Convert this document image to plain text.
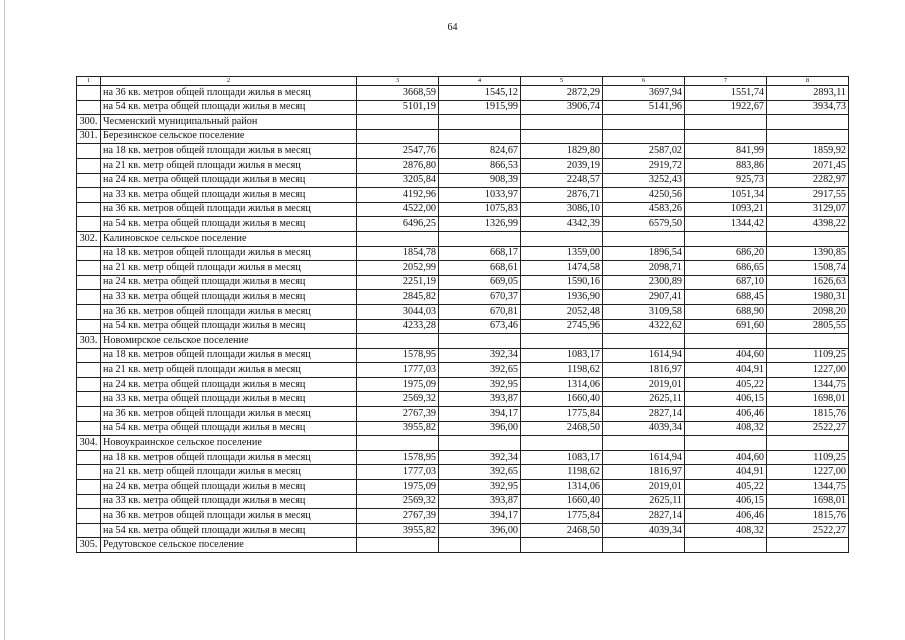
64
1	2	3	4	5	6	7	8
	на 36 кв. метров общей площади жилья в месяц	3668,59	1545,12	2872,29	3697,94	1551,74	2893,11
	на 54 кв. метра общей площади жилья в месяц	5101,19	1915,99	3906,74	5141,96	1922,67	3934,73
300.	Чесменский муниципальный район						
301.	Березинское сельское поселение						
	на 18 кв. метров общей площади жилья в месяц	2547,76	824,67	1829,80	2587,02	841,99	1859,92
	на 21 кв. метр общей площади жилья в месяц	2876,80	866,53	2039,19	2919,72	883,86	2071,45
	на 24 кв. метра общей площади жилья в месяц	3205,84	908,39	2248,57	3252,43	925,73	2282,97
	на 33 кв. метра общей площади жилья в месяц	4192,96	1033,97	2876,71	4250,56	1051,34	2917,55
	на 36 кв. метров общей площади жилья в месяц	4522,00	1075,83	3086,10	4583,26	1093,21	3129,07
	на 54 кв. метра общей площади жилья в месяц	6496,25	1326,99	4342,39	6579,50	1344,42	4398,22
302.	Калиновское сельское поселение						
	на 18 кв. метров общей площади жилья в месяц	1854,78	668,17	1359,00	1896,54	686,20	1390,85
	на 21 кв. метр общей площади жилья в месяц	2052,99	668,61	1474,58	2098,71	686,65	1508,74
	на 24 кв. метра общей площади жилья в месяц	2251,19	669,05	1590,16	2300,89	687,10	1626,63
	на 33 кв. метра общей площади жилья в месяц	2845,82	670,37	1936,90	2907,41	688,45	1980,31
	на 36 кв. метров общей площади жилья в месяц	3044,03	670,81	2052,48	3109,58	688,90	2098,20
	на 54 кв. метра общей площади жилья в месяц	4233,28	673,46	2745,96	4322,62	691,60	2805,55
303.	Новомирское сельское поселение						
	на 18 кв. метров общей площади жилья в месяц	1578,95	392,34	1083,17	1614,94	404,60	1109,25
	на 21 кв. метр общей площади жилья в месяц	1777,03	392,65	1198,62	1816,97	404,91	1227,00
	на 24 кв. метра общей площади жилья в месяц	1975,09	392,95	1314,06	2019,01	405,22	1344,75
	на 33 кв. метра общей площади жилья в месяц	2569,32	393,87	1660,40	2625,11	406,15	1698,01
	на 36 кв. метров общей площади жилья в месяц	2767,39	394,17	1775,84	2827,14	406,46	1815,76
	на 54 кв. метра общей площади жилья в месяц	3955,82	396,00	2468,50	4039,34	408,32	2522,27
304.	Новоукраинское сельское поселение						
	на 18 кв. метров общей площади жилья в месяц	1578,95	392,34	1083,17	1614,94	404,60	1109,25
	на 21 кв. метр общей площади жилья в месяц	1777,03	392,65	1198,62	1816,97	404,91	1227,00
	на 24 кв. метра общей площади жилья в месяц	1975,09	392,95	1314,06	2019,01	405,22	1344,75
	на 33 кв. метра общей площади жилья в месяц	2569,32	393,87	1660,40	2625,11	406,15	1698,01
	на 36 кв. метров общей площади жилья в месяц	2767,39	394,17	1775,84	2827,14	406,46	1815,76
	на 54 кв. метра общей площади жилья в месяц	3955,82	396,00	2468,50	4039,34	408,32	2522,27
305.	Редутовское сельское поселение						
